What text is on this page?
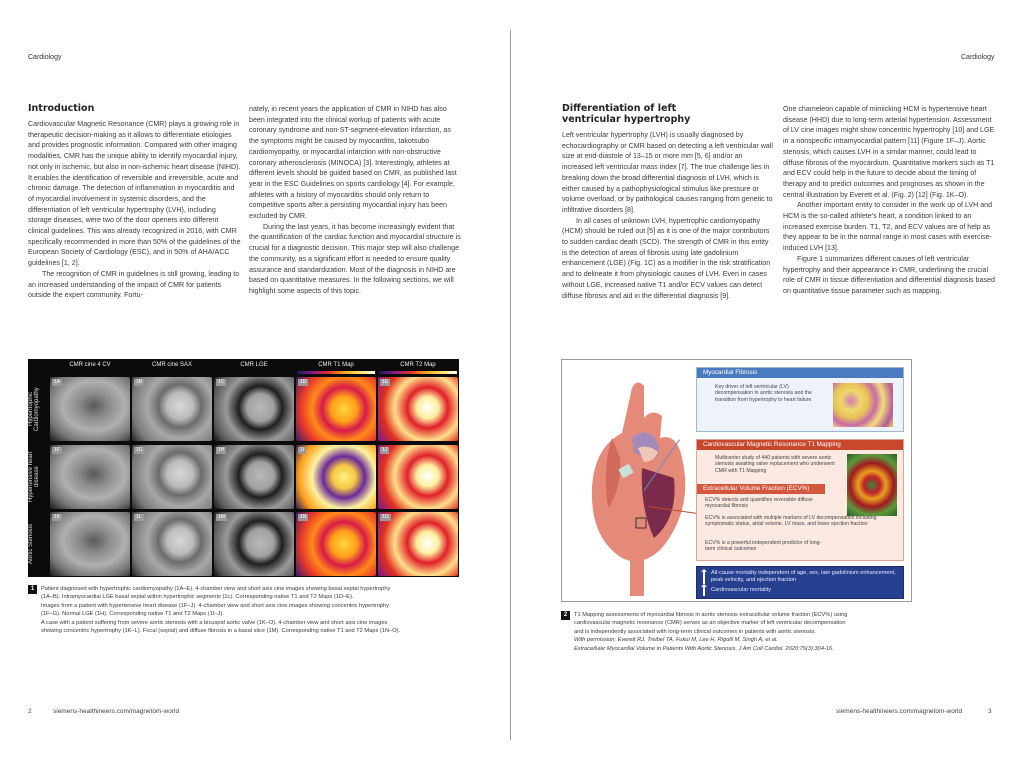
Cardiology
Introduction

Cardiovascular Magnetic Resonance (CMR) plays a growing role in therapeutic decision-making as it allows to differentiate etiologies and provides prognostic information. Compared with other imaging modalities, CMR has the unique ability to identify myocardial injury, not only in ischemic, but also in non-ischemic heart disease (NIHD). It enables the identification of reversible and irreversible, acute and chronic damage. The detection of inflammation in myocarditis and of myocardial involvement in systemic disorders, and the differentiation of left ventricular hypertrophy (LVH), including storage diseases, were two of the door openers into different clinical guidelines. This was already recognized in 2016, with CMR specifically recommended in more than 50% of the guidelines of the European Society of Cardiology (ESC), and in 50% of AHA/ACC guidelines [1, 2].

The recognition of CMR in guidelines is still growing, leading to an increased understanding of the impact of CMR for patients outside the expert community. Fortu-

nately, in recent years the application of CMR in NIHD has also been integrated into the clinical workup of patients with acute coronary syndrome and non-ST-segment-elevation infarction, as the symptoms might be caused by myocarditis, takotsubo cardiomyopathy, or myocardial infarction with non-obstructive coronary atherosclerosis (MINOCA) [3]. Interestingly, athletes at different levels should be guided based on CMR, as published last year in the ESC Guidelines on sports cardiology [4]. For example, athletes with a history of myocarditis should only return to competitive sports after a persisting myocardial injury has been excluded by CMR.

During the last years, it has become increasingly evident that the quantification of the cardiac function and myocardial structure is crucial for a diagnostic decision. This major step will also challenge the community, as a significant effort is needed to ensure quality assurance and standardization. Most of the diagnosis in NIHD are based on quantitative measures. In the following sections, we will highlight some aspects of this topic.

CMR cine 4 CV	CMR cine SAX	CMR LGE	CMR T1 Map	CMR T2 Map
Hypertrophic Cardiomyopathy
Hypertensive heart disease
Aortic Stenosis
1A	1B	1C	1D	1E
1F	1G	1H	1I	1J
1K	1L	1M	1N	1O
1 Patient diagnosed with hypertrophic cardiomyopathy (1A–E). 4-chamber view and short axis cine images showing basal septal hypertrophy
(1A–B). Intramyocardial LGE basal septal within hypertrophic segments (1c). Corresponding native T1 and T2 Maps (1D–E).
Images from a patient with hypertensive heart disease (1F–J). 4-chamber view and short axis cine images showing concentric hypertrophy
(1F–G). Normal LGE (1H). Corresponding native T1 and T2 Maps (1I–J).
A case with a patient suffering from severe aortic stenosis with a bicuspid aortic valve (1K–O). 4-chamber view and short axis cine images
showing concentric hypertrophy (1K–L). Focal (septal) and diffuse fibrosis in a basal slice (1M). Corresponding native T1 and T2 Maps (1N–O).
2	siemens-healthineers.com/magnetom-world
Cardiology
Differentiation of left ventricular hypertrophy

Left ventricular hypertrophy (LVH) is usually diagnosed by echocardiography or CMR based on detecting a left ventricular wall size at end-diastole of 13–15 or more mm [5, 6] and/or an increased left ventricular mass index [7]. The true challenge lies in breaking down the broad differential diagnosis of LVH, which is either caused by a pathophysiological stimulus like pressure or volume overload, or by pathological causes ranging from genetic to infiltrative disorders [8].

In all cases of unknown LVH, hypertrophic cardiomyopathy (HCM) should be ruled out [5] as it is one of the major contributors to sudden cardiac death (SCD). The strength of CMR in this entity is the detection of areas of fibrosis using late gadolinium enhancement (LGE) (Fig. 1C) as a modifier in the risk stratification and to delineate it from physiologic causes of LVH. Even in cases without LGE, increased native T1 and/or ECV values can detect diffuse fibrosis and aid in the differential diagnosis [9].

One chameleon capable of mimicking HCM is hypertensive heart disease (HHD) due to long-term arterial hypertension. Assessment of LV cine images might show concentric hypertrophy [10] and LGE in a nonspecific intramyocardial pattern [11] (Figure 1F–J). Aortic stenosis, which causes LVH in a similar manner, could lead to diffuse fibrosis of the myocardium. Quantitative markers such as T1 and ECV could help in the future to decide about the timing of therapy and to predict outcomes and prognoses as shown in the central illustration by Everett et al. (Fig. 2) [12] (Fig. 1K–O).

Another important entity to consider in the work up of LVH and HCM is the so-called athlete's heart, a condition linked to an increased exercise burden. T1, T2, and ECV values are of help as they appear to be in the normal range in most cases with exercise-induced LVH [13].

Figure 1 summarizes different causes of left ventricular hypertrophy and their appearance in CMR, underlining the crucial role of CMR in tissue differentiation and differential diagnosis based on quantitative tissue parameter such as mapping.

siemens-healthineers.com/magnetom-world	3
Myocardial Fibrosis
Key driver of left ventricular (LV) decompensation in aortic stenosis and the transition from hypertrophy to heart failure
Cardiovascular Magnetic Resonance T1 Mapping
Multicenter study of 440 patients with severe aortic stenosis awaiting valve replacement who underwent CMR with T1 Mapping
Extracellular Volume Fraction (ECV%)
ECV% detects and quantifies reversible diffuse myocardial fibrosis
ECV% is associated with multiple markers of LV decompensation including symptomatic status, atrial volume, LV mass, and lower ejection fraction
ECV% is a powerful independent predictor of long-term clinical outcomes
All-cause mortality independent of age, sex, late gadolinium enhancement, peak velocity, and ejection fraction
Cardiovascular mortality
2 T1 Mapping assessments of myocardial fibrosis in aortic stenosis extracellular volume fraction (ECV%) using
cardiovascular magnetic resonance (CMR) serves as an objective marker of left ventricular decompensation
and is independently associated with long-term clinical outcomes in patients with aortic stenosis.
With permission: Everett RJ, Treibel TA, Fukui M, Lee H, Rigolli M, Singh A, et al.
Extracellular Myocardial Volume in Patients With Aortic Stenosis. J Am Coll Cardiol. 2020;75(3):304-16.
